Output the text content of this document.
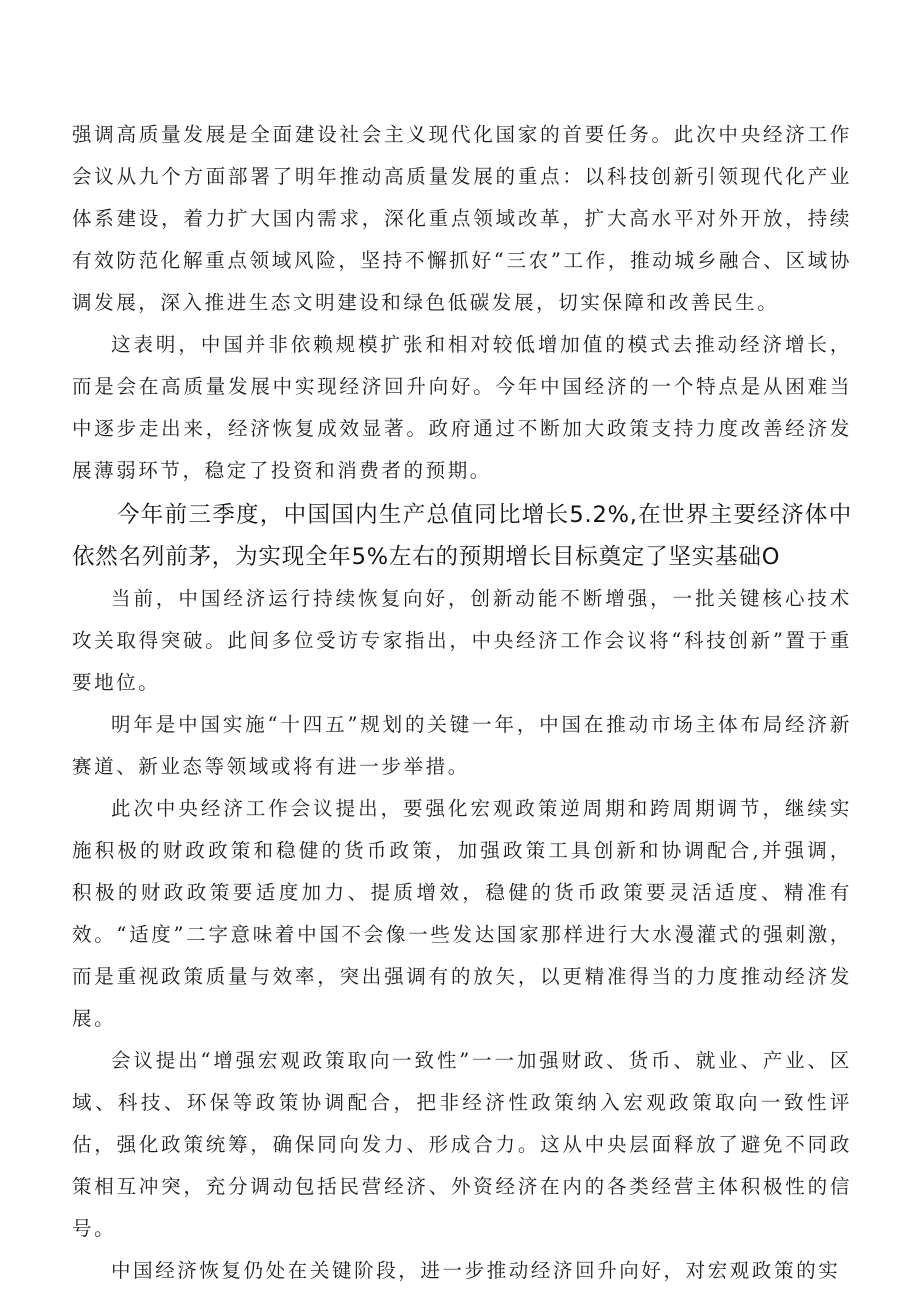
强调高质量发展是全面建设社会主义现代化国家的首要任务。此次中央经济工作会议从九个方面部署了明年推动高质量发展的重点：以科技创新引领现代化产业体系建设，着力扩大国内需求，深化重点领域改革，扩大高水平对外开放，持续有效防范化解重点领域风险，坚持不懈抓好“三农”工作，推动城乡融合、区域协调发展，深入推进生态文明建设和绿色低碳发展，切实保障和改善民生。

这表明，中国并非依赖规模扩张和相对较低增加值的模式去推动经济增长，而是会在高质量发展中实现经济回升向好。今年中国经济的一个特点是从困难当中逐步走出来，经济恢复成效显著。政府通过不断加大政策支持力度改善经济发展薄弱环节，稳定了投资和消费者的预期。

今年前三季度，中国国内生产总值同比增长5.2%,在世界主要经济体中依然名列前茅，为实现全年5%左右的预期增长目标奠定了坚实基础O

当前，中国经济运行持续恢复向好，创新动能不断增强，一批关键核心技术攻关取得突破。此间多位受访专家指出，中央经济工作会议将“科技创新”置于重要地位。

明年是中国实施“十四五”规划的关键一年，中国在推动市场主体布局经济新赛道、新业态等领域或将有进一步举措。

此次中央经济工作会议提出，要强化宏观政策逆周期和跨周期调节，继续实施积极的财政政策和稳健的货币政策，加强政策工具创新和协调配合,并强调，积极的财政政策要适度加力、提质增效，稳健的货币政策要灵活适度、精准有效。“适度”二字意味着中国不会像一些发达国家那样进行大水漫灌式的强刺激，而是重视政策质量与效率，突出强调有的放矢，以更精准得当的力度推动经济发展。

会议提出“增强宏观政策取向一致性”一一加强财政、货币、就业、产业、区域、科技、环保等政策协调配合，把非经济性政策纳入宏观政策取向一致性评估，强化政策统筹，确保同向发力、形成合力。这从中央层面释放了避免不同政策相互冲突，充分调动包括民营经济、外资经济在内的各类经营主体积极性的信号。

中国经济恢复仍处在关键阶段，进一步推动经济回升向好，对宏观政策的实
